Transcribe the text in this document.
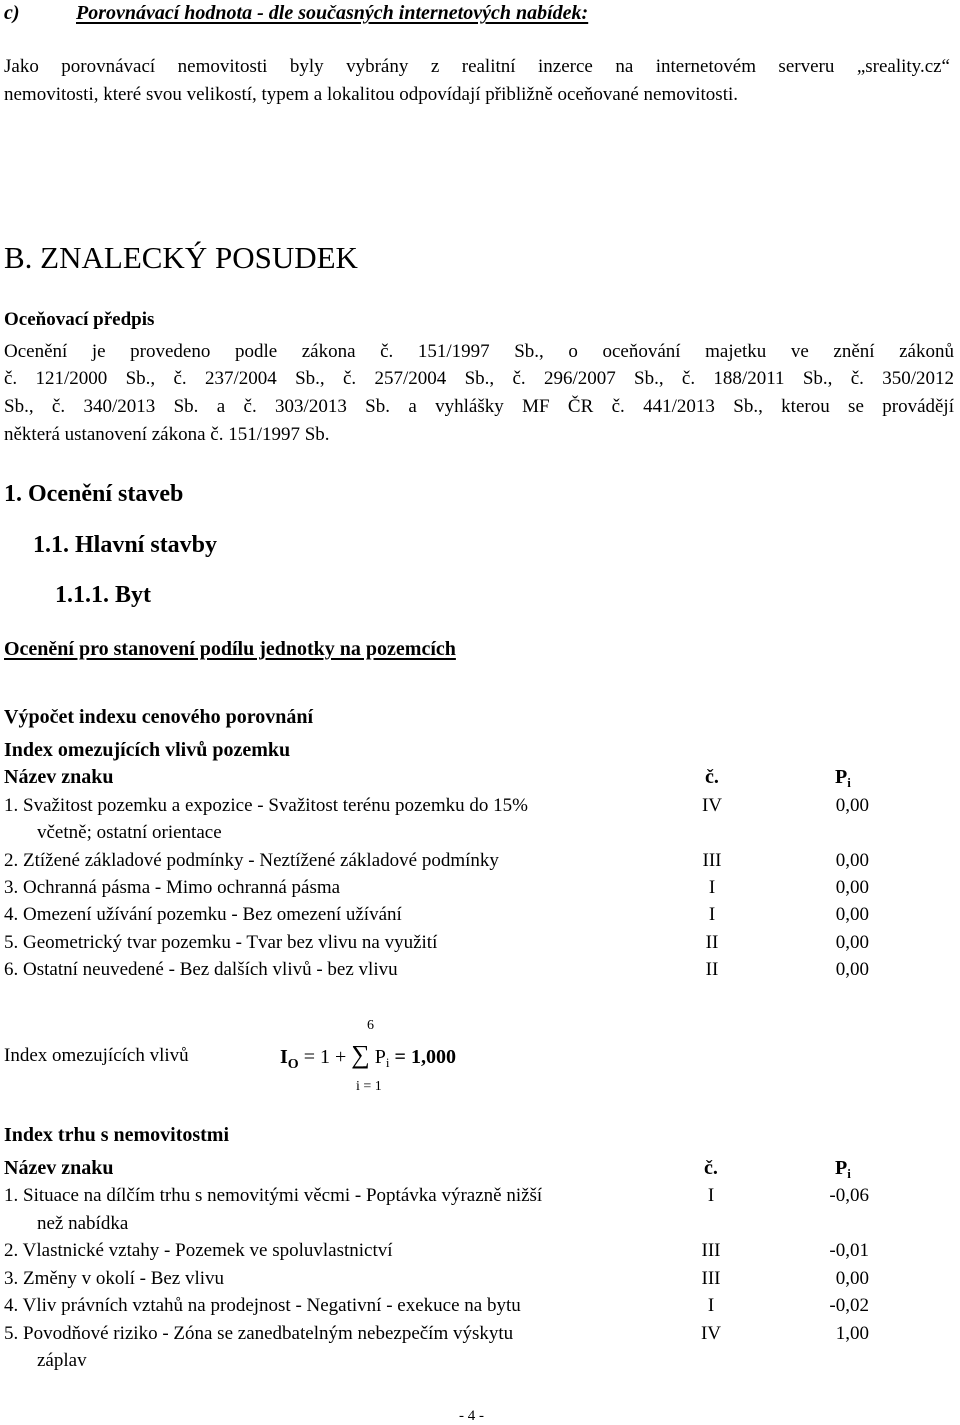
c)	Porovnávací hodnota - dle současných internetových nabídek:
Jako porovnávací nemovitosti byly vybrány z realitní inzerce na internetovém serveru „sreality.cz“
nemovitosti, které svou velikostí, typem a lokalitou odpovídají přibližně oceňované nemovitosti.
B. ZNALECKÝ POSUDEK
Oceňovací předpis
Ocenění je provedeno podle zákona č. 151/1997 Sb., o oceňování majetku ve znění zákonů
č. 121/2000 Sb., č. 237/2004 Sb., č. 257/2004 Sb., č. 296/2007 Sb., č. 188/2011 Sb., č. 350/2012
Sb., č. 340/2013 Sb. a č. 303/2013 Sb. a vyhlášky MF ČR č. 441/2013 Sb., kterou se provádějí
některá ustanovení zákona č. 151/1997 Sb.
1. Ocenění staveb
1.1. Hlavní stavby
1.1.1. Byt
Ocenění pro stanovení podílu jednotky na pozemcích
Výpočet indexu cenového porovnání
Index omezujících vlivů pozemku
Název znaku	č.	$P_i$
1. Svažitost pozemku a expozice - Svažitost terénu pozemku do 15%	IV	0,00
včetně; ostatní orientace
2. Ztížené základové podmínky - Neztížené základové podmínky	III	0,00
3. Ochranná pásma - Mimo ochranná pásma	I	0,00
4. Omezení užívání pozemku - Bez omezení užívání	I	0,00
5. Geometrický tvar pozemku - Tvar bez vlivu na využití	II	0,00
6. Ostatní neuvedené - Bez dalších vlivů - bez vlivu	II	0,00
6
Index omezujících vlivů	$I_O = 1$ + ∑ $P_i = 1,000$
i = 1
Index trhu s nemovitostmi
Název znaku	č.	$P_i$
1. Situace na dílčím trhu s nemovitými věcmi - Poptávka výrazně nižší	I	-0,06
než nabídka
2. Vlastnické vztahy - Pozemek ve spoluvlastnictví	III	-0,01
3. Změny v okolí - Bez vlivu	III	0,00
4. Vliv právních vztahů na prodejnost - Negativní - exekuce na bytu	I	-0,02
5. Povodňové riziko - Zóna se zanedbatelným nebezpečím výskytu	IV	1,00
záplav
- 4 -
